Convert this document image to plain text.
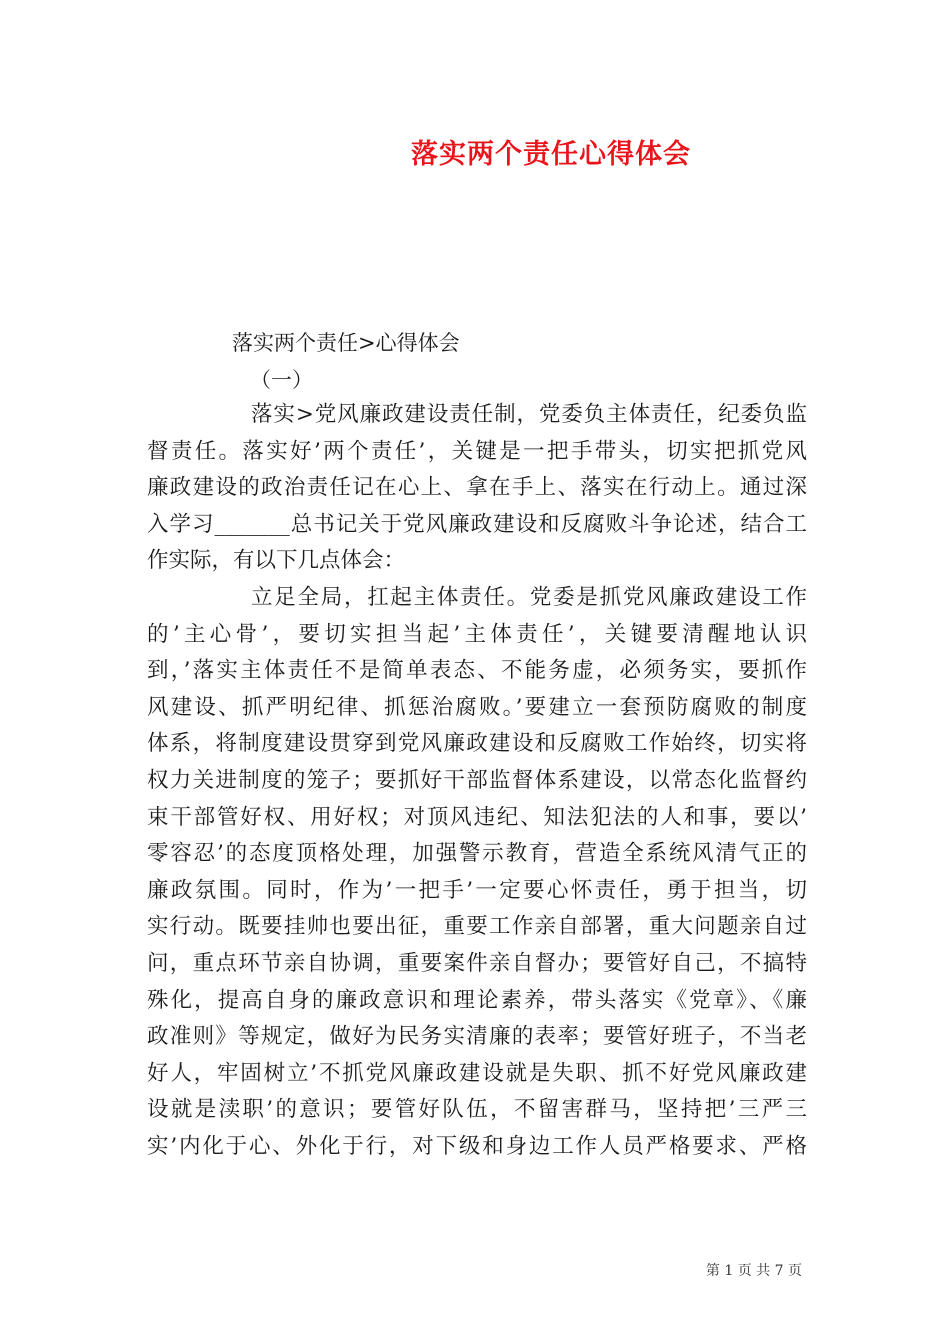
落实两个责任心得体会
落实两个责任>心得体会
（一）
落实>党风廉政建设责任制，党委负主体责任，纪委负监
督责任。落实好’两个责任’，关键是一把手带头，切实把抓党风
廉政建设的政治责任记在心上、拿在手上、落实在行动上。通过深
入学习_______总书记关于党风廉政建设和反腐败斗争论述，结合工
作实际，有以下几点体会：
立足全局，扛起主体责任。党委是抓党风廉政建设工作
的’主心骨’，要切实担当起’主体责任’，关键要清醒地认识
到，’落实主体责任不是简单表态、不能务虚，必须务实，要抓作
风建设、抓严明纪律、抓惩治腐败。’要建立一套预防腐败的制度
体系，将制度建设贯穿到党风廉政建设和反腐败工作始终，切实将
权力关进制度的笼子；要抓好干部监督体系建设，以常态化监督约
束干部管好权、用好权；对顶风违纪、知法犯法的人和事，要以’
零容忍’的态度顶格处理，加强警示教育，营造全系统风清气正的
廉政氛围。同时，作为’一把手’一定要心怀责任，勇于担当，切
实行动。既要挂帅也要出征，重要工作亲自部署，重大问题亲自过
问，重点环节亲自协调，重要案件亲自督办；要管好自己，不搞特
殊化，提高自身的廉政意识和理论素养，带头落实《党章》、《廉
政准则》等规定，做好为民务实清廉的表率；要管好班子，不当老
好人，牢固树立’不抓党风廉政建设就是失职、抓不好党风廉政建
设就是渎职’的意识；要管好队伍，不留害群马，坚持把’三严三
实’内化于心、外化于行，对下级和身边工作人员严格要求、严格
第 1 页 共 7 页
